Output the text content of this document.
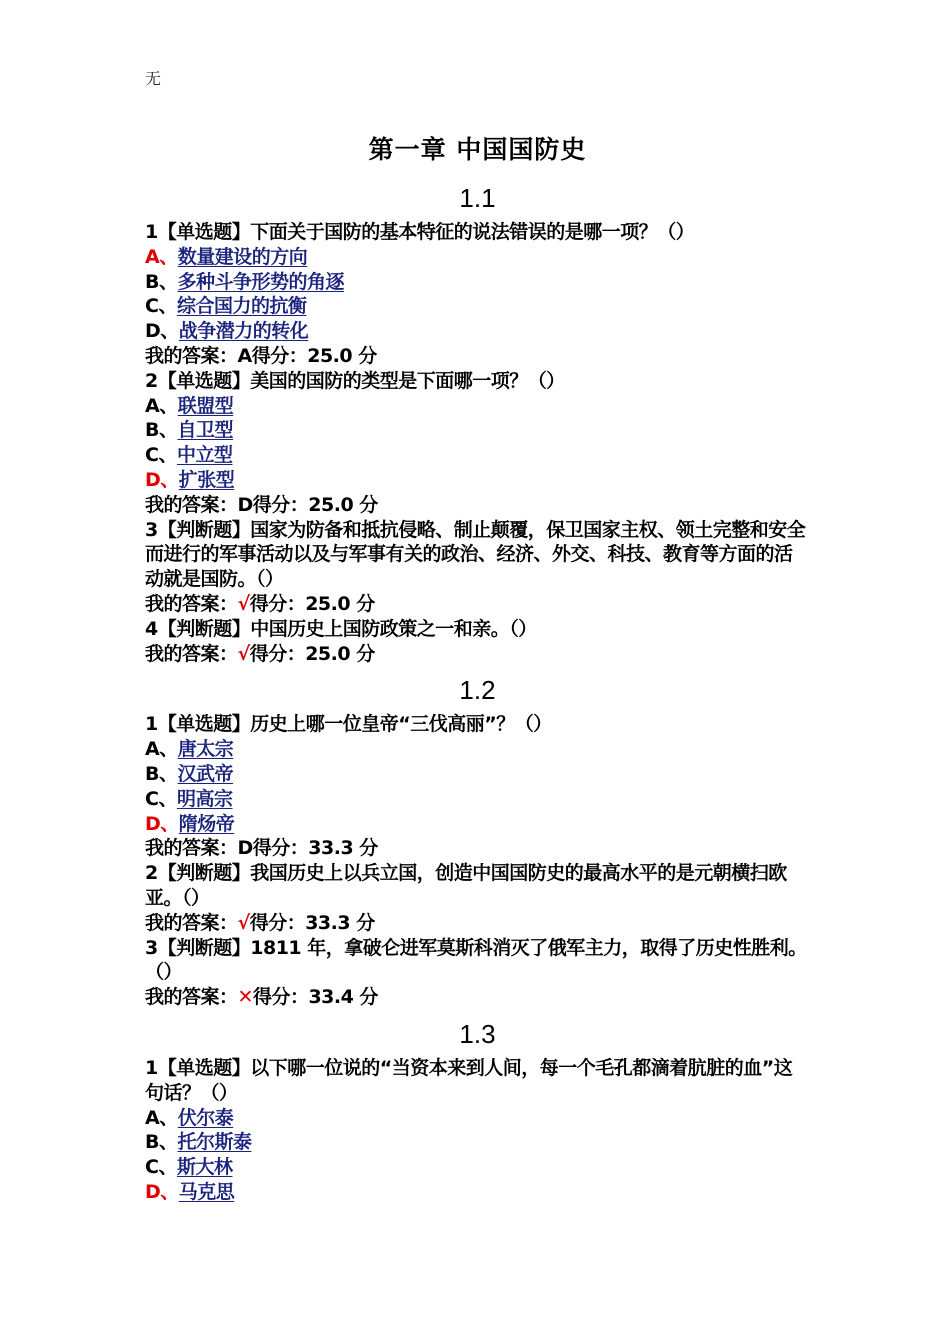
无
第一章 中国国防史
1.1
1【单选题】下面关于国防的基本特征的说法错误的是哪一项？（）
A、数量建设的方向
B、多种斗争形势的角逐
C、综合国力的抗衡
D、战争潜力的转化
我的答案：A得分：25.0 分
2【单选题】美国的国防的类型是下面哪一项？（）
A、联盟型
B、自卫型
C、中立型
D、扩张型
我的答案：D得分：25.0 分
3【判断题】国家为防备和抵抗侵略、制止颠覆，保卫国家主权、领土完整和安全而进行的军事活动以及与军事有关的政治、经济、外交、科技、教育等方面的活动就是国防。（）
我的答案：√得分：25.0 分
4【判断题】中国历史上国防政策之一和亲。（）
我的答案：√得分：25.0 分
1.2
1【单选题】历史上哪一位皇帝“三伐高丽”？（）
A、唐太宗
B、汉武帝
C、明高宗
D、隋炀帝
我的答案：D得分：33.3 分
2【判断题】我国历史上以兵立国，创造中国国防史的最高水平的是元朝横扫欧亚。（）
我的答案：√得分：33.3 分
3【判断题】1811 年，拿破仑进军莫斯科消灭了俄军主力，取得了历史性胜利。（）
我的答案：✕得分：33.4 分
1.3
1【单选题】以下哪一位说的“当资本来到人间，每一个毛孔都滴着肮脏的血”这句话？（）
A、伏尔泰
B、托尔斯泰
C、斯大林
D、马克思
